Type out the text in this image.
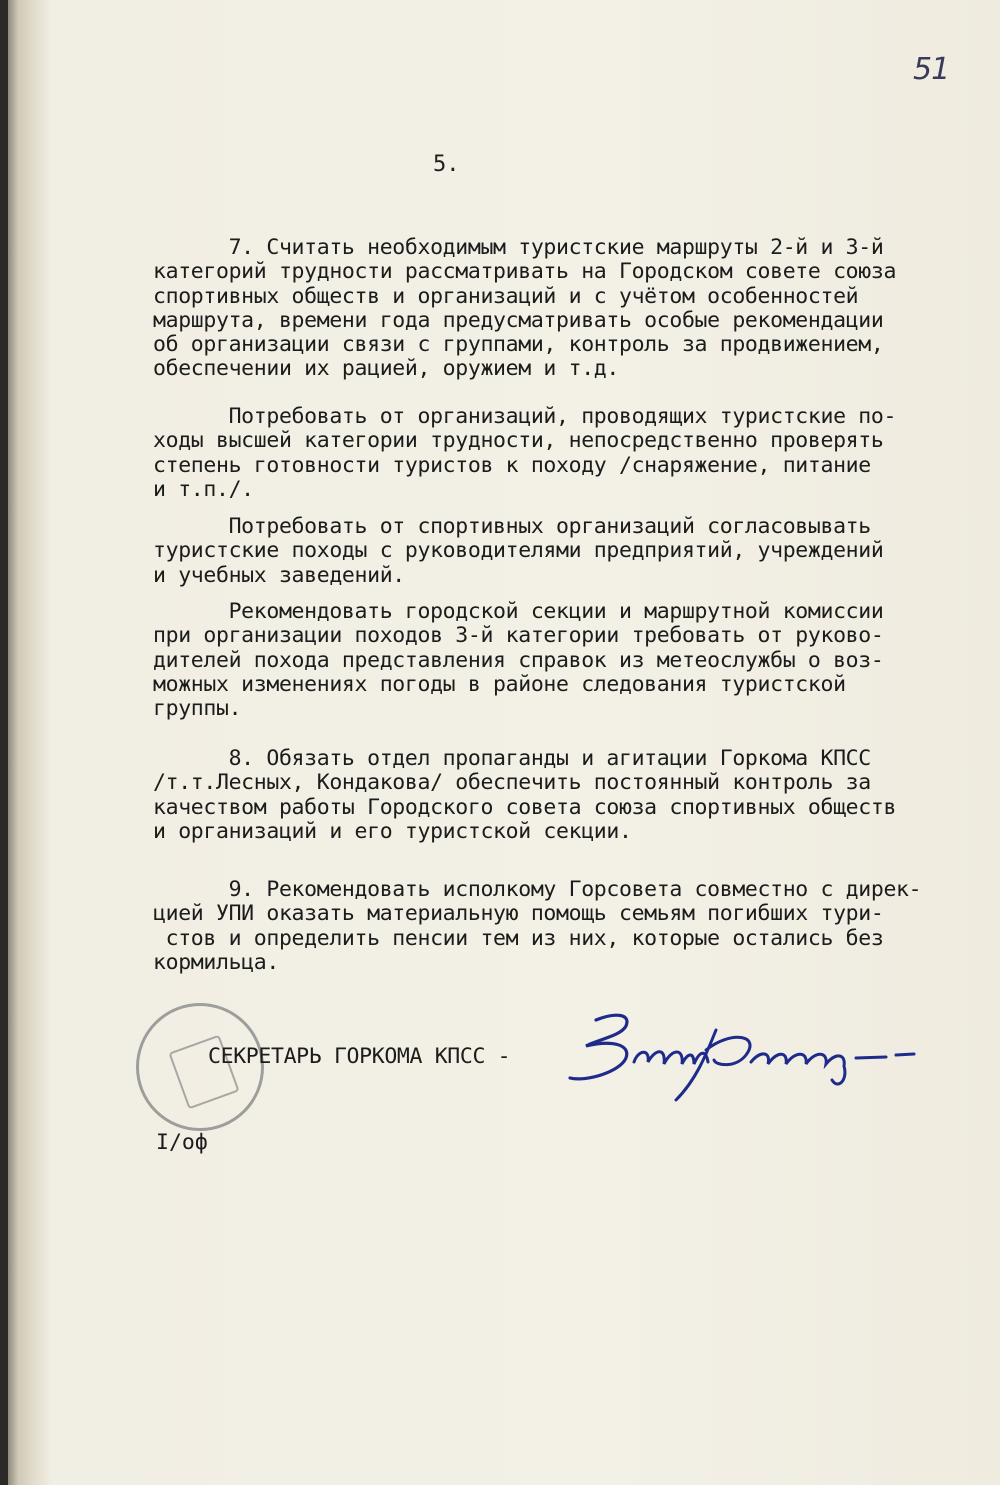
51
5.
7. Считать необходимым туристские маршруты 2-й и 3-й
категорий трудности рассматривать на Городском совете союза
спортивных обществ и организаций и с учётом особенностей
маршрута, времени года предусматривать особые рекомендации
об организации связи с группами, контроль за продвижением,
обеспечении их рацией, оружием и т.д.
Потребовать от организаций, проводящих туристские по-
ходы высшей категории трудности, непосредственно проверять
степень готовности туристов к походу /снаряжение, питание
и т.п./.
Потребовать от спортивных организаций согласовывать
туристские походы с руководителями предприятий, учреждений
и учебных заведений.
Рекомендовать городской секции и маршрутной комиссии
при организации походов 3-й категории требовать от руково-
дителей похода представления справок из метеослужбы о воз-
можных изменениях погоды в районе следования туристской
группы.
8. Обязать отдел пропаганды и агитации Горкома КПСС
/т.т.Лесных, Кондакова/ обеспечить постоянный контроль за
качеством работы Городского совета союза спортивных обществ
и организаций и его туристской секции.
9. Рекомендовать исполкому Горсовета совместно с дирек-
цией УПИ оказать материальную помощь семьям погибших тури-
стов и определить пенсии тем из них, которые остались без
кормильца.
СЕКРЕТАРЬ ГОРКОМА КПСС -
I/оф
